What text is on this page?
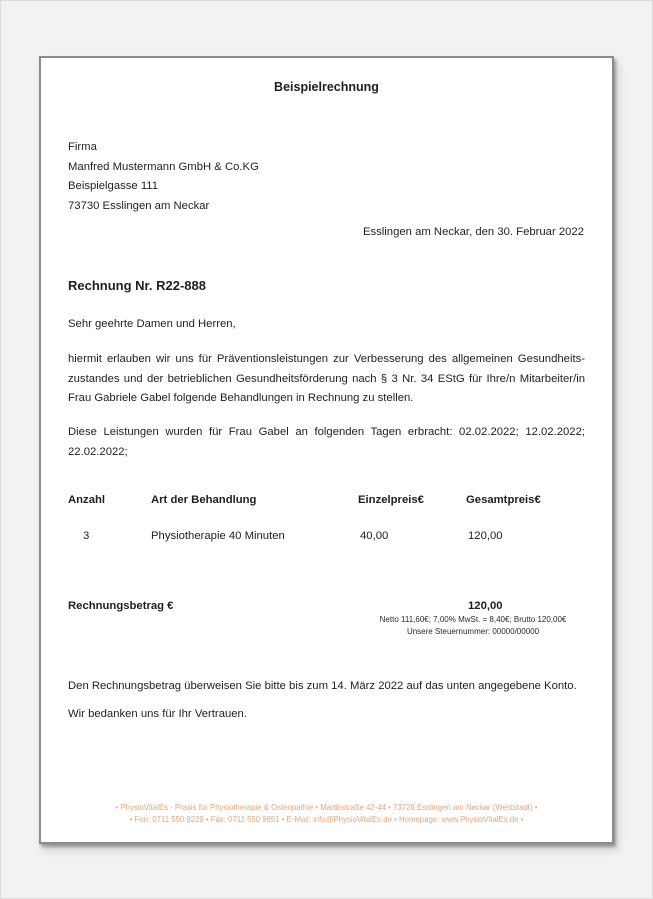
Beispielrechnung
Firma
Manfred Mustermann GmbH & Co.KG
Beispielgasse 111
73730 Esslingen am Neckar
Esslingen am Neckar, den 30. Februar 2022
Rechnung Nr. R22-888
Sehr geehrte Damen und Herren,
hiermit erlauben wir uns für Präventionsleistungen zur Verbesserung des allgemeinen Gesundheits-
zustandes und der betrieblichen Gesundheitsförderung nach § 3 Nr. 34 EStG für Ihre/n Mitarbeiter/in
Frau Gabriele Gabel folgende Behandlungen in Rechnung zu stellen.
Diese Leistungen wurden für Frau Gabel an folgenden Tagen erbracht: 02.02.2022; 12.02.2022;
22.02.2022;
Anzahl	Art der Behandlung	Einzelpreis€	Gesamtpreis€
3	Physiotherapie 40 Minuten	40,00	120,00
Rechnungsbetrag €	120,00
Netto 111,60€; 7,00% MwSt. = 8,40€; Brutto 120,00€
Unsere Steuernummer: 00000/00000
Den Rechnungsbetrag überweisen Sie bitte bis zum 14. März 2022 auf das unten angegebene Konto.
Wir bedanken uns für Ihr Vertrauen.
• PhysioVitalEs - Praxis für Physiotherapie & Osteopathie • Martinstraße 42-44 • 73728 Esslingen am Neckar (Weststadt) •
• Fon: 0711 550 9229 • Fax: 0711 550 9651 • E-Mail: info@PhysioVitalEs.de • Homepage: www.PhysioVitalEs.de •
